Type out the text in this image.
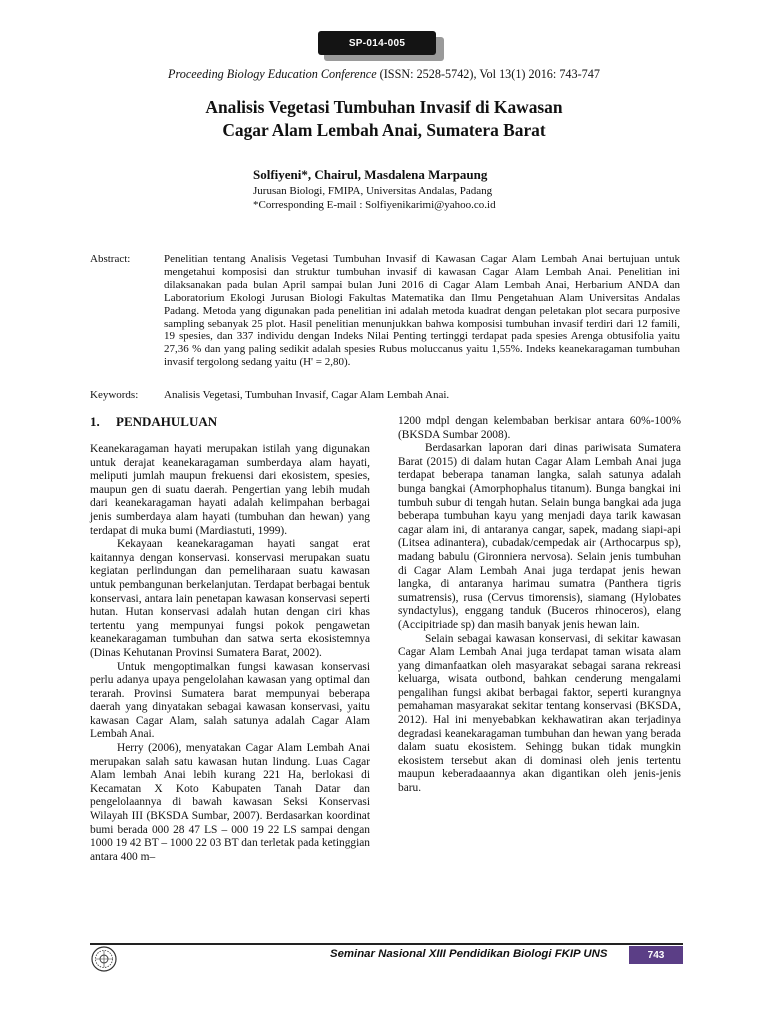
SP-014-005
Proceeding Biology Education Conference (ISSN: 2528-5742), Vol 13(1) 2016: 743-747
Analisis Vegetasi Tumbuhan Invasif di Kawasan
Cagar Alam Lembah Anai, Sumatera Barat
Solfiyeni*, Chairul, Masdalena Marpaung
Jurusan Biologi, FMIPA, Universitas Andalas, Padang
*Corresponding E-mail : Solfiyenikarimi@yahoo.co.id
Abstract:	Penelitian tentang Analisis Vegetasi Tumbuhan Invasif di Kawasan Cagar Alam Lembah Anai bertujuan untuk mengetahui komposisi dan struktur tumbuhan invasif di kawasan Cagar Alam Lembah Anai. Penelitian ini dilaksanakan pada bulan April sampai bulan Juni 2016 di Cagar Alam Lembah Anai, Herbarium ANDA dan Laboratorium Ekologi Jurusan Biologi Fakultas Matematika dan Ilmu Pengetahuan Alam Universitas Andalas Padang. Metoda yang digunakan pada penelitian ini adalah metoda kuadrat dengan peletakan plot secara purposive sampling sebanyak 25 plot. Hasil penelitian menunjukkan bahwa komposisi tumbuhan invasif terdiri dari 12 famili, 19 spesies, dan 337 individu dengan Indeks Nilai Penting tertinggi terdapat pada spesies Arenga obtusifolia yaitu 27,36 % dan yang paling sedikit adalah spesies Rubus moluccanus yaitu 1,55%. Indeks keanekaragaman tumbuhan invasif tergolong sedang yaitu (H' = 2,80).
Keywords: Analisis Vegetasi, Tumbuhan Invasif, Cagar Alam Lembah Anai.
1. PENDAHULUAN

Keanekaragaman hayati merupakan istilah yang digunakan untuk derajat keanekaragaman sumberdaya alam hayati, meliputi jumlah maupun frekuensi dari ekosistem, spesies, maupun gen di suatu daerah. Pengertian yang lebih mudah dari keanekaragaman hayati adalah kelimpahan berbagai jenis sumberdaya alam hayati (tumbuhan dan hewan) yang terdapat di muka bumi (Mardiastuti, 1999).

Kekayaan keanekaragaman hayati sangat erat kaitannya dengan konservasi. konservasi merupakan suatu kegiatan perlindungan dan pemeliharaan suatu kawasan untuk pembangunan berkelanjutan. Terdapat berbagai bentuk konservasi, antara lain penetapan kawasan konservasi seperti hutan. Hutan konservasi adalah hutan dengan ciri khas tertentu yang mempunyai fungsi pokok pengawetan keanekaragaman tumbuhan dan satwa serta ekosistemnya (Dinas Kehutanan Provinsi Sumatera Barat, 2002).

Untuk mengoptimalkan fungsi kawasan konservasi perlu adanya upaya pengelolahan kawasan yang optimal dan terarah. Provinsi Sumatera barat mempunyai beberapa daerah yang dinyatakan sebagai kawasan konservasi, yaitu kawasan Cagar Alam, salah satunya adalah Cagar Alam Lembah Anai.

Herry (2006), menyatakan Cagar Alam Lembah Anai merupakan salah satu kawasan hutan lindung. Luas Cagar Alam lembah Anai lebih kurang 221 Ha, berlokasi di Kecamatan X Koto Kabupaten Tanah Datar dan pengelolaannya di bawah kawasan Seksi Konservasi Wilayah III (BKSDA Sumbar, 2007). Berdasarkan koordinat bumi berada 000 28 47 LS – 000 19 22 LS sampai dengan 1000 19 42 BT – 1000 22 03 BT dan terletak pada ketinggian antara 400 m–

1200 mdpl dengan kelembaban berkisar antara 60%-100% (BKSDA Sumbar 2008).

Berdasarkan laporan dari dinas pariwisata Sumatera Barat (2015) di dalam hutan Cagar Alam Lembah Anai juga terdapat beberapa tanaman langka, salah satunya adalah bunga bangkai (Amorphophalus titanum). Bunga bangkai ini tumbuh subur di tengah hutan. Selain bunga bangkai ada juga beberapa tumbuhan kayu yang menjadi daya tarik kawasan cagar alam ini, di antaranya cangar, sapek, madang siapi-api (Litsea adinantera), cubadak/cempedak air (Arthocarpus sp), madang babulu (Gironniera nervosa). Selain jenis tumbuhan di Cagar Alam Lembah Anai juga terdapat jenis hewan langka, di antaranya harimau sumatra (Panthera tigris sumatrensis), rusa (Cervus timorensis), siamang (Hylobates syndactylus), enggang tanduk (Buceros rhinoceros), elang (Accipitriade sp) dan masih banyak jenis hewan lain.

Selain sebagai kawasan konservasi, di sekitar kawasan Cagar Alam Lembah Anai juga terdapat taman wisata alam yang dimanfaatkan oleh masyarakat sebagai sarana rekreasi keluarga, wisata outbond, bahkan cenderung mengalami pengalihan fungsi akibat berbagai faktor, seperti kurangnya pemahaman masyarakat sekitar tentang konservasi (BKSDA, 2012). Hal ini menyebabkan kekhawatiran akan terjadinya degradasi keanekaragaman tumbuhan dan hewan yang berada dalam suatu ekosistem. Sehingg bukan tidak mungkin ekosistem tersebut akan di dominasi oleh jenis tertentu maupun keberadaaannya akan digantikan oleh jenis-jenis baru.

Seminar Nasional XIII Pendidikan Biologi FKIP UNS	743
